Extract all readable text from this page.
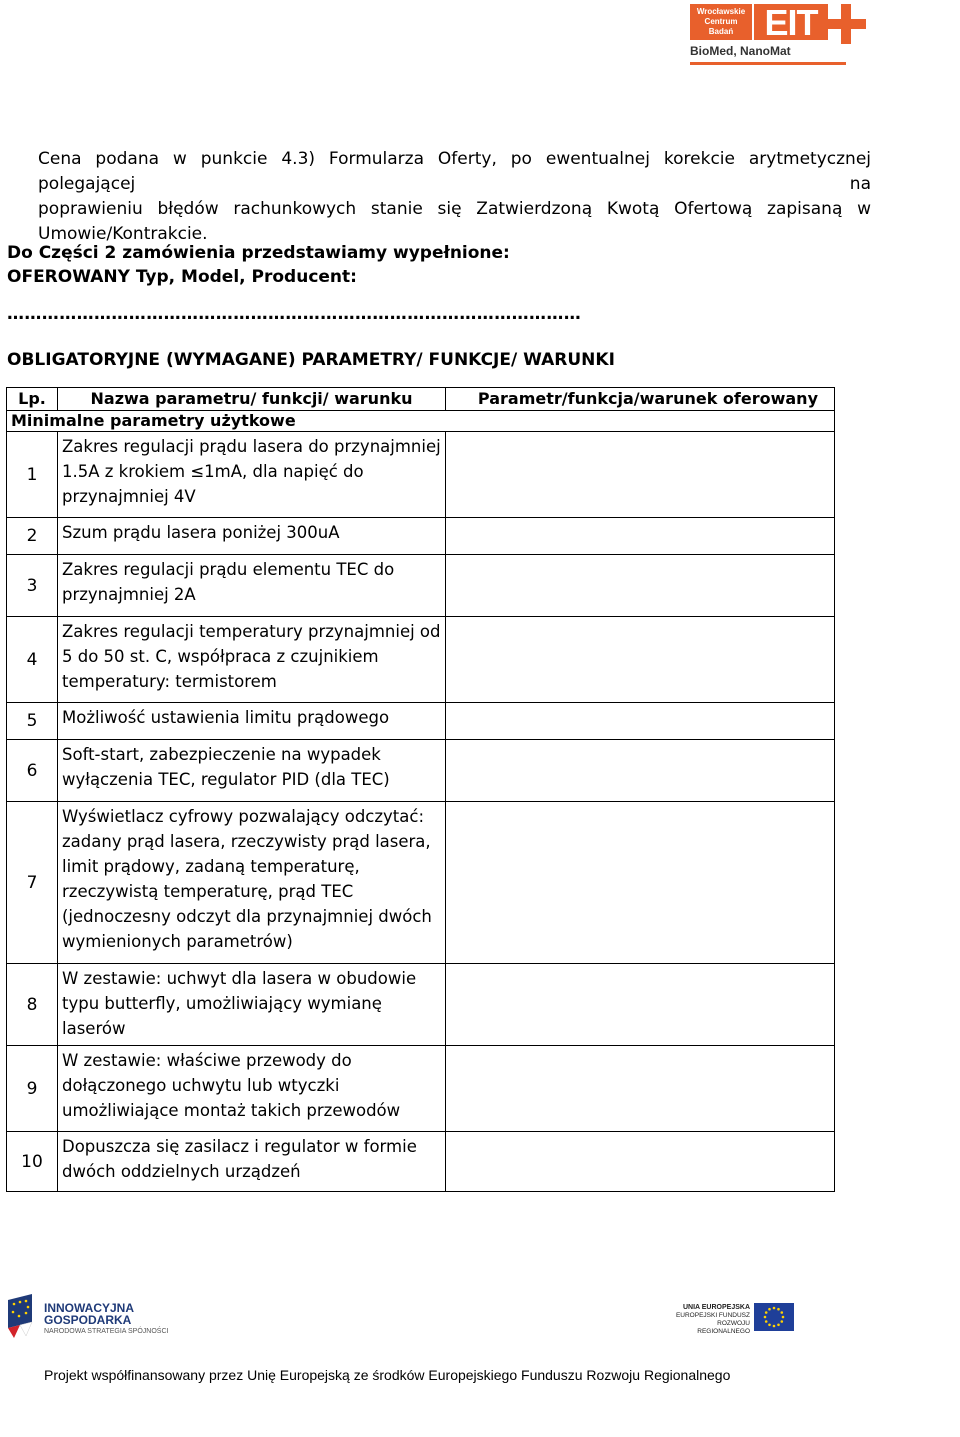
Wrocławskie
Centrum
Badań EIT
BioMed, NanoMat
Cena podana w punkcie 4.3) Formularza Oferty, po ewentualnej korekcie arytmetycznej polegającej na
poprawieniu błędów rachunkowych stanie się Zatwierdzoną Kwotą Ofertową zapisaną w
Umowie/Kontrakcie.
Do Części 2 zamówienia przedstawiamy wypełnione:
OFEROWANY Typ, Model, Producent:
………………………………………………………………………………………
OBLIGATORYJNE (WYMAGANE) PARAMETRY/ FUNKCJE/ WARUNKI
Lp.	Nazwa parametru/ funkcji/ warunku	Parametr/funkcja/warunek oferowany
Minimalne parametry użytkowe		
1	Zakres regulacji prądu lasera do przynajmniej 1.5A z krokiem ≤1mA, dla napięć do przynajmniej 4V	
2	Szum prądu lasera poniżej 300uA	
3	Zakres regulacji prądu elementu TEC do przynajmniej 2A	
4	Zakres regulacji temperatury przynajmniej od 5 do 50 st. C, współpraca z czujnikiem temperatury: termistorem	
5	Możliwość ustawienia limitu prądowego	
6	Soft-start, zabezpieczenie na wypadek wyłączenia TEC, regulator PID (dla TEC)	
7	Wyświetlacz cyfrowy pozwalający odczytać: zadany prąd lasera, rzeczywisty prąd lasera, limit prądowy, zadaną temperaturę, rzeczywistą temperaturę, prąd TEC (jednoczesny odczyt dla przynajmniej dwóch wymienionych parametrów)	
8	W zestawie: uchwyt dla lasera w obudowie typu butterfly, umożliwiający wymianę laserów	
9	W zestawie: właściwe przewody do dołączonego uchwytu lub wtyczki umożliwiające montaż takich przewodów	
10	Dopuszcza się zasilacz i regulator w formie dwóch oddzielnych urządzeń	
INNOWACYJNA
GOSPODARKA
NARODOWA STRATEGIA SPÓJNOŚCI
UNIA EUROPEJSKA
EUROPEJSKI FUNDUSZ
ROZWOJU REGIONALNEGO
Projekt współfinansowany przez Unię Europejską ze środków Europejskiego Funduszu Rozwoju Regionalnego
